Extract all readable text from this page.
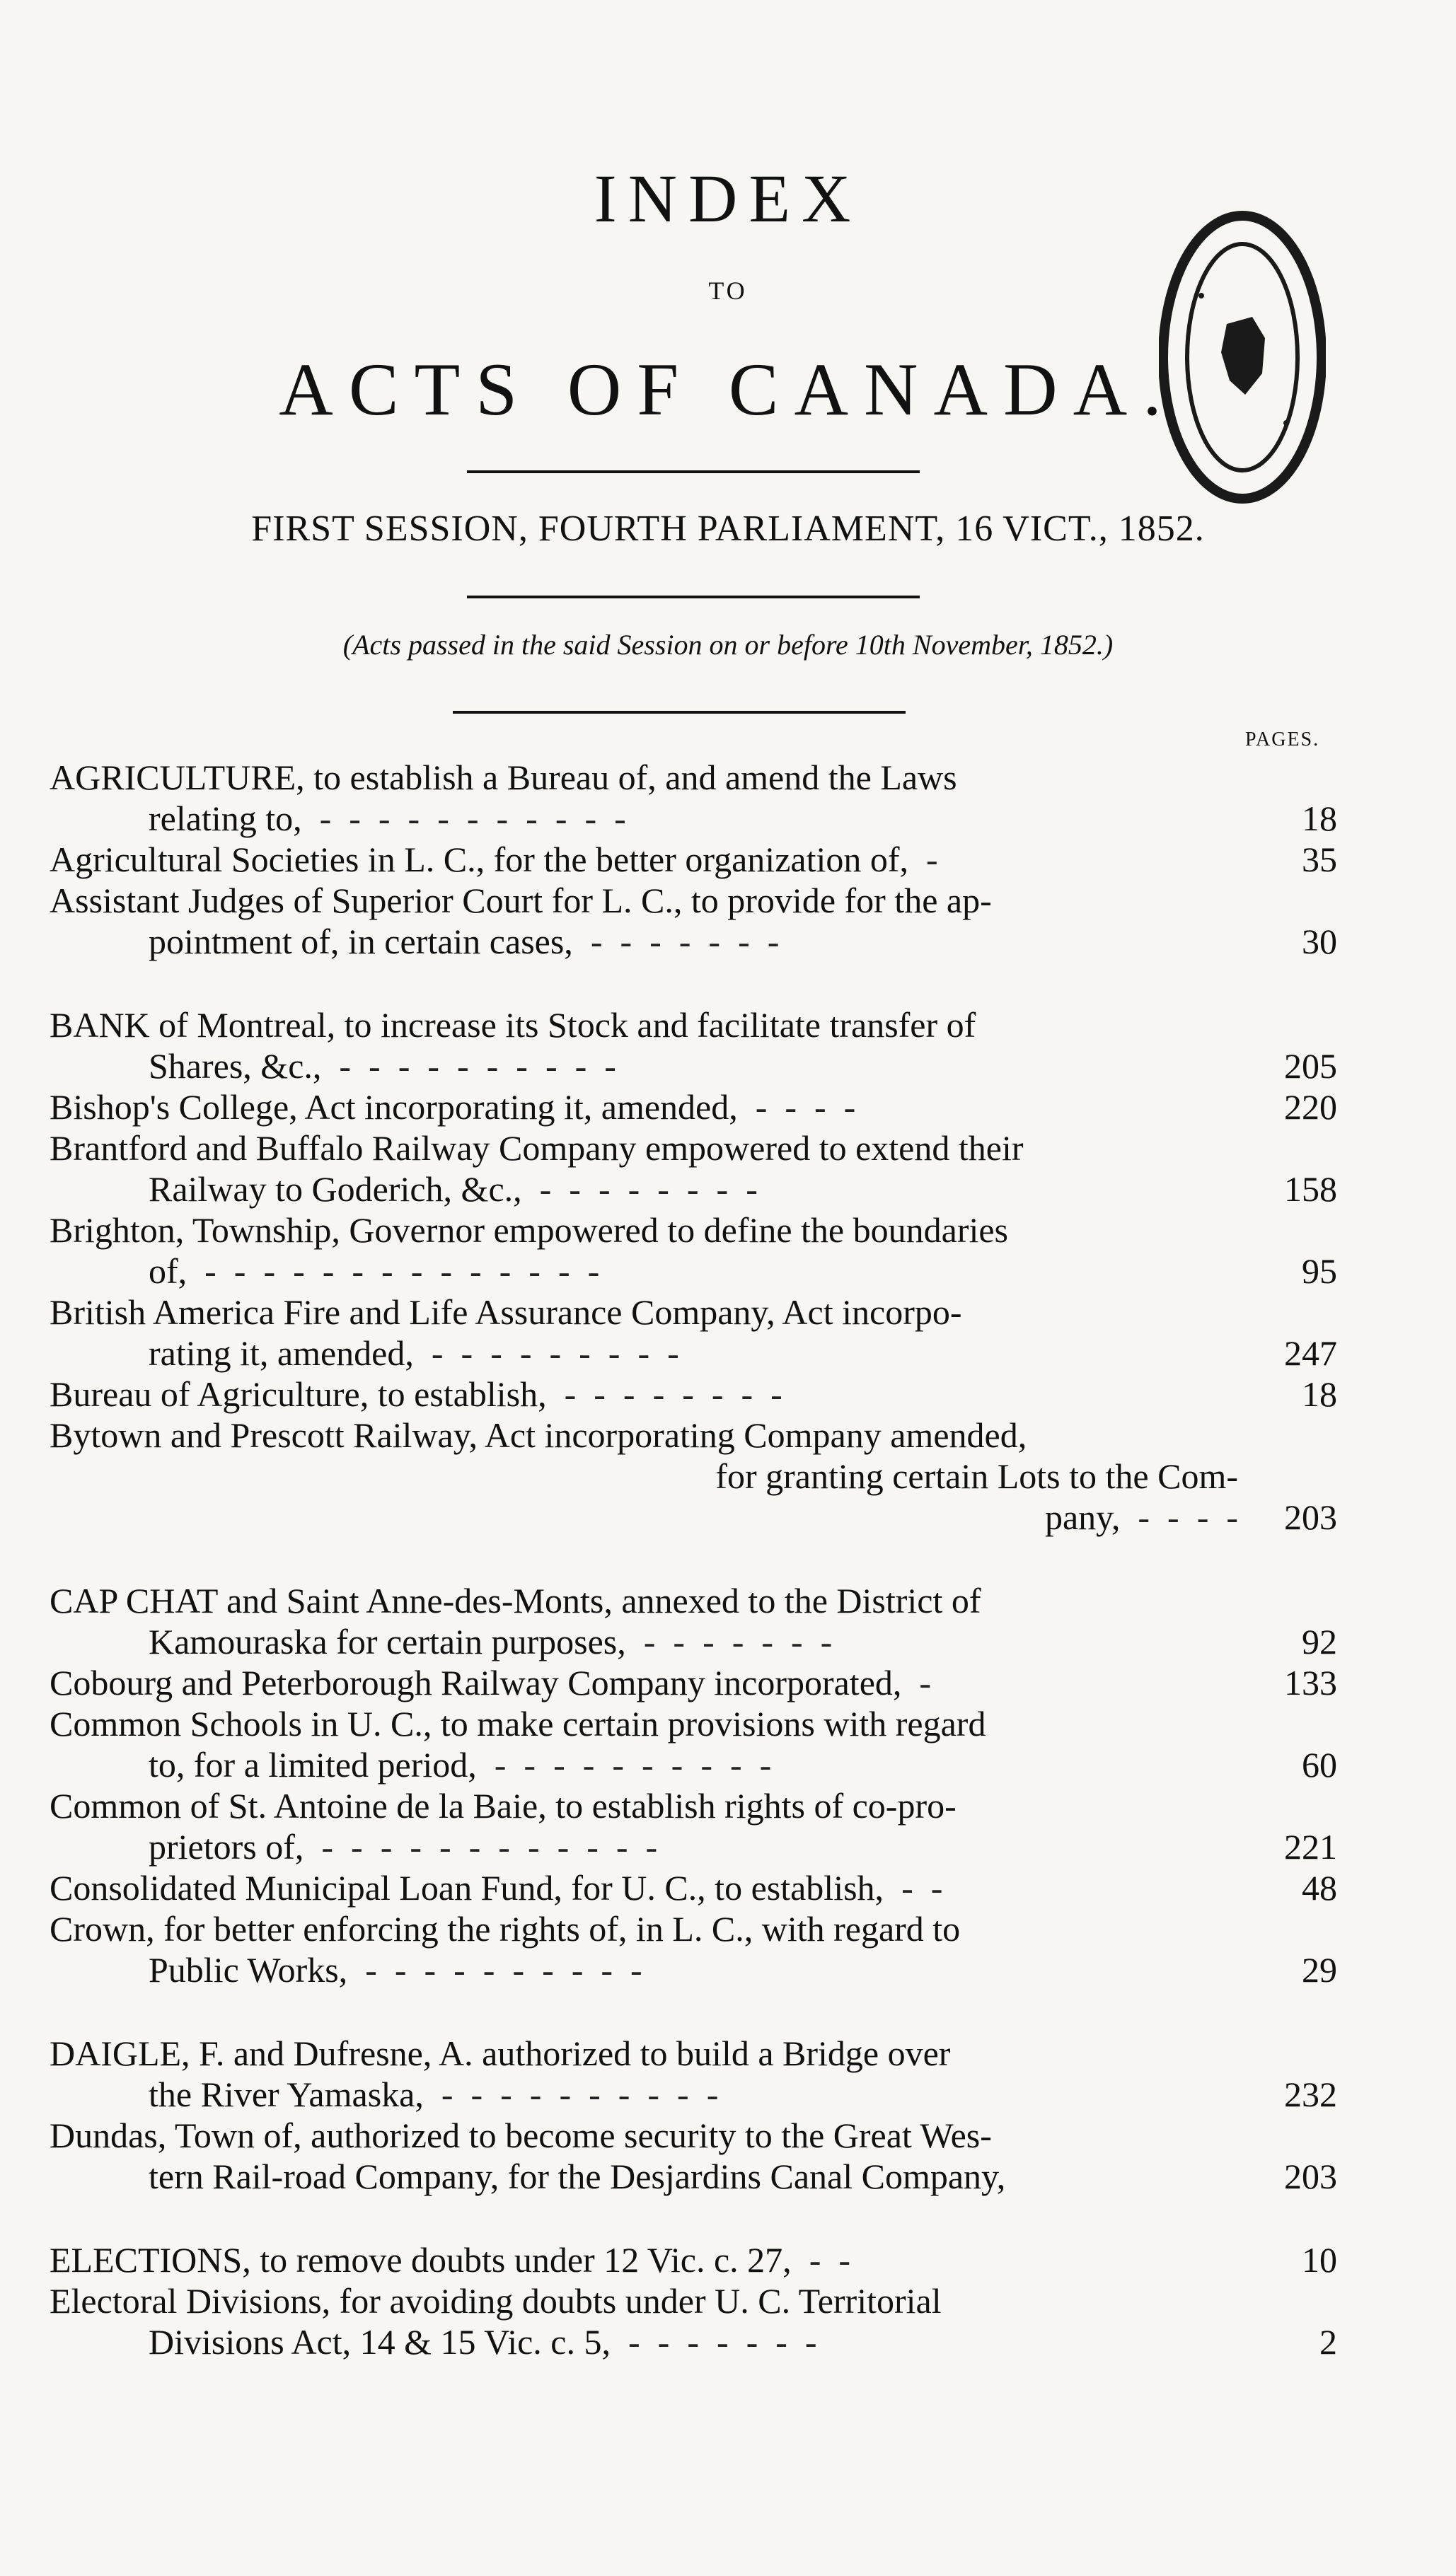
INDEX
TO
ACTS OF CANADA.
FIRST SESSION, FOURTH PARLIAMENT, 16 VICT., 1852.
(Acts passed in the said Session on or before 10th November, 1852.)
PAGES.
AGRICULTURE, to establish a Bureau of, and amend the Laws
relating to,  -  -  -  -  -  -  -  -  -  -  -	18
Agricultural Societies in L. C., for the better organization of,  -	35
Assistant Judges of Superior Court for L. C., to provide for the ap-
pointment of, in certain cases,  -  -  -  -  -  -  -	30
BANK of Montreal, to increase its Stock and facilitate transfer of
Shares, &c.,  -  -  -  -  -  -  -  -  -  -	205
Bishop's College, Act incorporating it, amended,  -  -  -  -	220
Brantford and Buffalo Railway Company empowered to extend their
Railway to Goderich, &c.,  -  -  -  -  -  -  -  -	158
Brighton, Township, Governor empowered to define the boundaries
of,  -  -  -  -  -  -  -  -  -  -  -  -  -  -	95
British America Fire and Life Assurance Company, Act incorpo-
rating it, amended,  -  -  -  -  -  -  -  -  -	247
Bureau of Agriculture, to establish,  -  -  -  -  -  -  -  -	18
Bytown and Prescott Railway, Act incorporating Company amended,
for granting certain Lots to the Com-
pany,  -  -  -  -	203
CAP CHAT and Saint Anne-des-Monts, annexed to the District of
Kamouraska for certain purposes,  -  -  -  -  -  -  -	92
Cobourg and Peterborough Railway Company incorporated,  -	133
Common Schools in U. C., to make certain provisions with regard
to, for a limited period,  -  -  -  -  -  -  -  -  -  -	60
Common of St. Antoine de la Baie, to establish rights of co-pro-
prietors of,  -  -  -  -  -  -  -  -  -  -  -  -	221
Consolidated Municipal Loan Fund, for U. C., to establish,  -  -	48
Crown, for better enforcing the rights of, in L. C., with regard to
Public Works,  -  -  -  -  -  -  -  -  -  -	29
DAIGLE, F. and Dufresne, A. authorized to build a Bridge over
the River Yamaska,  -  -  -  -  -  -  -  -  -  -	232
Dundas, Town of, authorized to become security to the Great Wes-
tern Rail-road Company, for the Desjardins Canal Company,	203
ELECTIONS, to remove doubts under 12 Vic. c. 27,  -  -	10
Electoral Divisions, for avoiding doubts under U. C. Territorial
Divisions Act, 14 & 15 Vic. c. 5,  -  -  -  -  -  -  -	2
